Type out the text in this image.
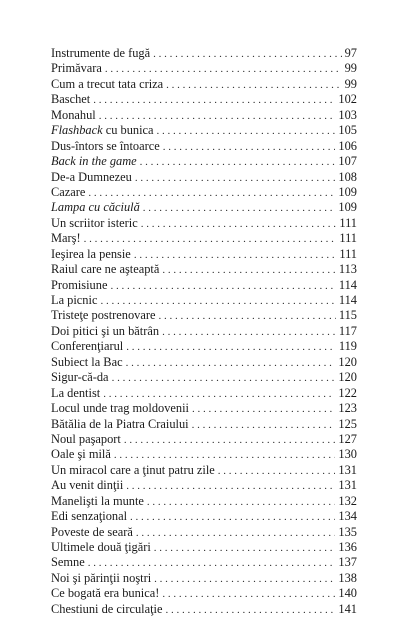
Instrumente de fugă . . .	97
Primăvara . . .	99
Cum a trecut tata criza . . .	99
Baschet . . .	102
Monahul . . .	103
Flashback cu bunica . . .	105
Dus-întors se întoarce . . .	106
Back in the game . . .	107
De-a Dumnezeu . . .	108
Cazare . . .	109
Lampa cu căciulă . . .	109
Un scriitor isteric . . .	111
Marş! . . .	111
Ieşirea la pensie . . .	111
Raiul care ne aşteaptă . . .	113
Promisiune . . .	114
La picnic . . .	114
Tristeţe postrenovare . . .	115
Doi pitici şi un bătrân . . .	117
Conferenţiarul . . .	119
Subiect la Bac . . .	120
Sigur-că-da . . .	120
La dentist . . .	122
Locul unde trag moldovenii . . .	123
Bătălia de la Piatra Craiului . . .	125
Noul paşaport . . .	127
Oale şi milă . . .	130
Un miracol care a ţinut patru zile . . .	131
Au venit dinţii . . .	131
Manelişti la munte . . .	132
Edi senzaţional . . .	134
Poveste de seară . . .	135
Ultimele două ţigări . . .	136
Semne . . .	137
Noi şi părinţii noştri . . .	138
Ce bogată era bunica! . . .	140
Chestiuni de circulaţie . . .	141
